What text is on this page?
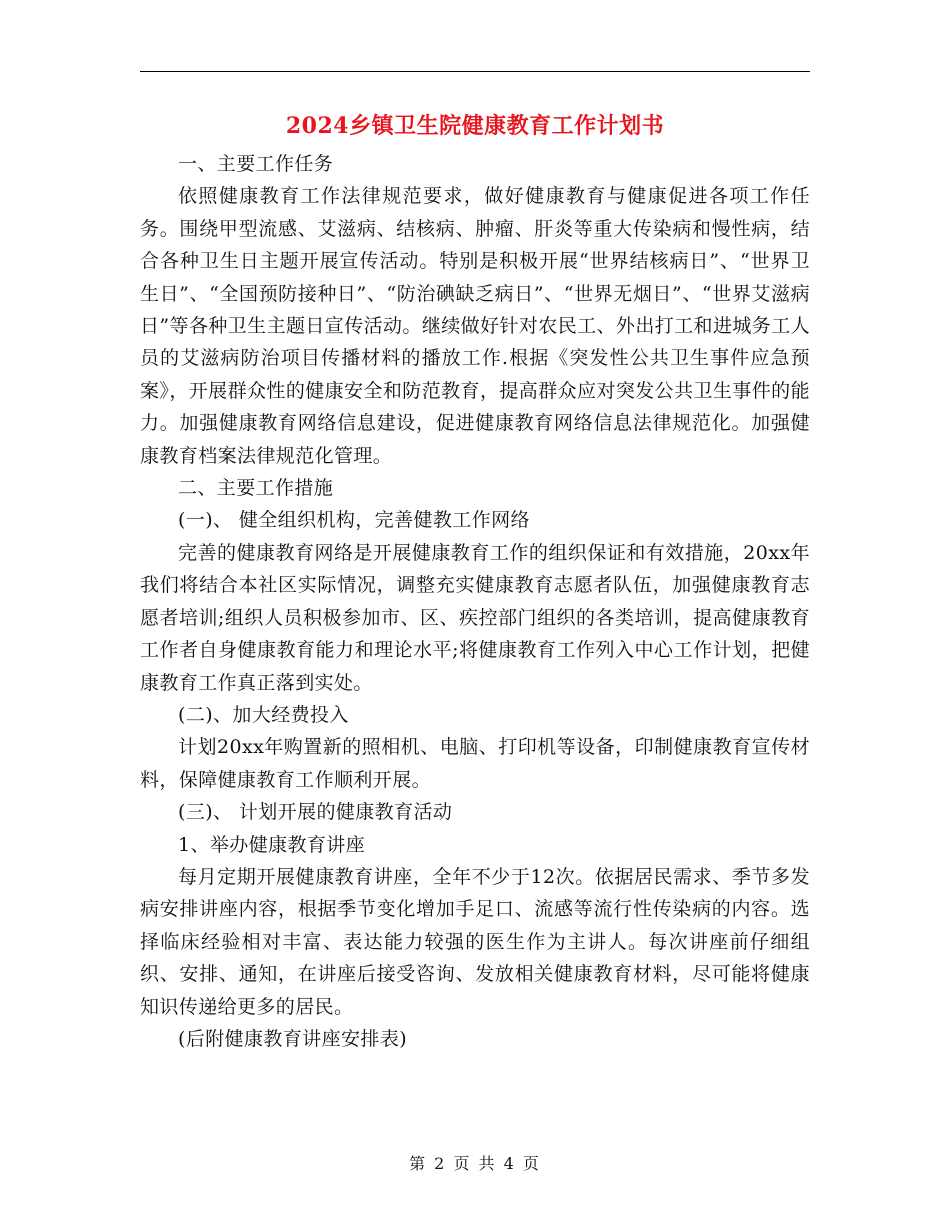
2024乡镇卫生院健康教育工作计划书

一、主要工作任务

依照健康教育工作法律规范要求，做好健康教育与健康促进各项工作任务。围绕甲型流感、艾滋病、结核病、肿瘤、肝炎等重大传染病和慢性病，结合各种卫生日主题开展宣传活动。特别是积极开展“世界结核病日”、“世界卫生日”、“全国预防接种日”、“防治碘缺乏病日”、“世界无烟日”、“世界艾滋病日”等各种卫生主题日宣传活动。继续做好针对农民工、外出打工和进城务工人员的艾滋病防治项目传播材料的播放工作.根据《突发性公共卫生事件应急预案》，开展群众性的健康安全和防范教育，提高群众应对突发公共卫生事件的能力。加强健康教育网络信息建设，促进健康教育网络信息法律规范化。加强健康教育档案法律规范化管理。

二、主要工作措施

(一)、 健全组织机构，完善健教工作网络

完善的健康教育网络是开展健康教育工作的组织保证和有效措施，20xx年我们将结合本社区实际情况，调整充实健康教育志愿者队伍，加强健康教育志愿者培训;组织人员积极参加市、区、疾控部门组织的各类培训，提高健康教育工作者自身健康教育能力和理论水平;将健康教育工作列入中心工作计划，把健康教育工作真正落到实处。

(二)、加大经费投入

计划20xx年购置新的照相机、电脑、打印机等设备，印制健康教育宣传材料，保障健康教育工作顺利开展。

(三)、 计划开展的健康教育活动

1、举办健康教育讲座

每月定期开展健康教育讲座，全年不少于12次。依据居民需求、季节多发病安排讲座内容，根据季节变化增加手足口、流感等流行性传染病的内容。选择临床经验相对丰富、表达能力较强的医生作为主讲人。每次讲座前仔细组织、安排、通知，在讲座后接受咨询、发放相关健康教育材料，尽可能将健康知识传递给更多的居民。

(后附健康教育讲座安排表)

第 2 页 共 4 页
